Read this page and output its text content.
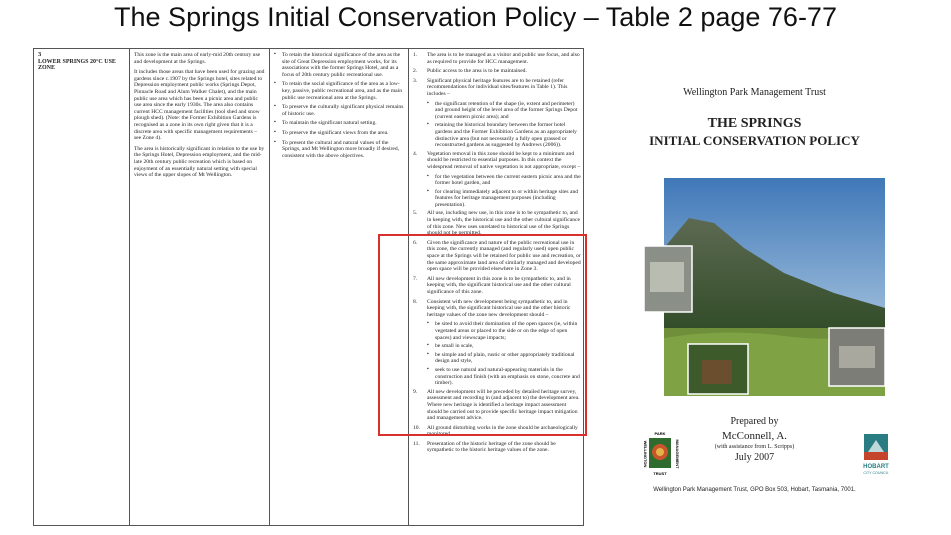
The Springs Initial Conservation Policy – Table 2 page 76-77
3
LOWER SPRINGS 20°C USE ZONE
This zone is the main area of early-mid 20th century use and development at the Springs.
It includes those areas that have been used for grazing and gardens since c.1907 by the Springs hotel, sites related to Depression employment public works (Springs Depot, Pinnacle Road and Alum Walker Chalet), and the main public use area which has been a picnic area and public use area since the early 1930s. The area also contains current HCC management facilities (tool shed and snow plough shed). (Note: the Former Exhibition Gardens is recognised as a zone in its own right given that it is a discrete area with specific management requirements – see Zone 4).
The area is historically significant in relation to the use by the Springs Hotel, Depression employment, and the mid-late 20th century public recreation which is based on enjoyment of an essentially natural setting with special views of the upper slopes of Mt Wellington.
▪ To retain the historical significance of the area as the site of Great Depression employment works, for its associations with the former Springs Hotel, and as a focus of 20th century public recreational use.
▪ To retain the social significance of the area as a low-key, passive, public recreational area, and as the main public use recreational area at the Springs.
▪ To preserve the culturally significant physical remains of historic use.
▪ To maintain the significant natural setting.
▪ To preserve the significant views from the area.
▪ To present the cultural and natural values of the Springs, and Mt Wellington more broadly if desired, consistent with the above objectives.
1. The area is to be managed as a visitor and public use focus, and also as required to provide for HCC management.
2. Public access to the area is to be maintained.
3. Significant physical heritage features are to be retained (refer recommendations for individual sites/features in Table 1). This includes –
▪ the significant retention of the shape (ie, extent and perimeter) and ground height of the level area of the former Springs Depot (current eastern picnic area); and
▪ retaining the historical boundary between the former hotel gardens and the Former Exhibition Gardens as an appropriately distinctive area (but not necessarily a fully open grassed or reconstructed gardens as suggested by Andrews (2006)).
4. Vegetation removal in this zone should be kept to a minimum and should be restricted to essential purposes. In this context the widespread removal of native vegetation is not appropriate, except –
▪ for the vegetation between the current eastern picnic area and the former hotel garden, and
▪ for clearing immediately adjacent to or within heritage sites and features for heritage management purposes (including presentation).
5. All use, including new use, in this zone is to be sympathetic to, and in keeping with, the historical use and the other cultural significance of this zone. New uses unrelated to historical use of the Springs should not be permitted.
6. Given the significance and nature of the public recreational use in this zone, the currently managed (and regularly used) open public space at the Springs will be retained for public use and recreation, or the same approximate land area of similarly managed and developed open space will be provided elsewhere in Zone 3.
7. All new development in this zone is to be sympathetic to, and in keeping with, the significant historical use and the other cultural significance of this zone.
8. Consistent with new development being sympathetic to, and in keeping with, the significant historical use and the other historic heritage values of the zone new development should –
▪ be sited to avoid their domination of the open spaces (ie, within vegetated areas or placed to the side or on the edge of open spaces) and viewscape impacts;
▪ be small in scale,
▪ be simple and of plain, rustic or other appropriately traditional design and style,
▪ seek to use natural and natural-appearing materials in the construction and finish (with an emphasis on stone, concrete and timber).
9. All new development will be preceded by detailed heritage survey, assessment and recording in (and adjacent to) the development area. Where new heritage is identified a heritage impact assessment should be carried out to provide specific heritage impact mitigation and management advice.
10. All ground disturbing works in the zone should be archaeologically monitored.
11. Presentation of the historic heritage of the zone should be sympathetic to the historic heritage values of the zone.
Wellington Park Management Trust
THE SPRINGS
INITIAL CONSERVATION POLICY
PARK
WELLINGTON	MANAGEMENT
TRUST
HOBART
CITY COUNCIL
Prepared by
McConnell, A.
(with assistance from L. Scripps)
July 2007
Wellington Park Management Trust, GPO Box 503, Hobart, Tasmania, 7001.
